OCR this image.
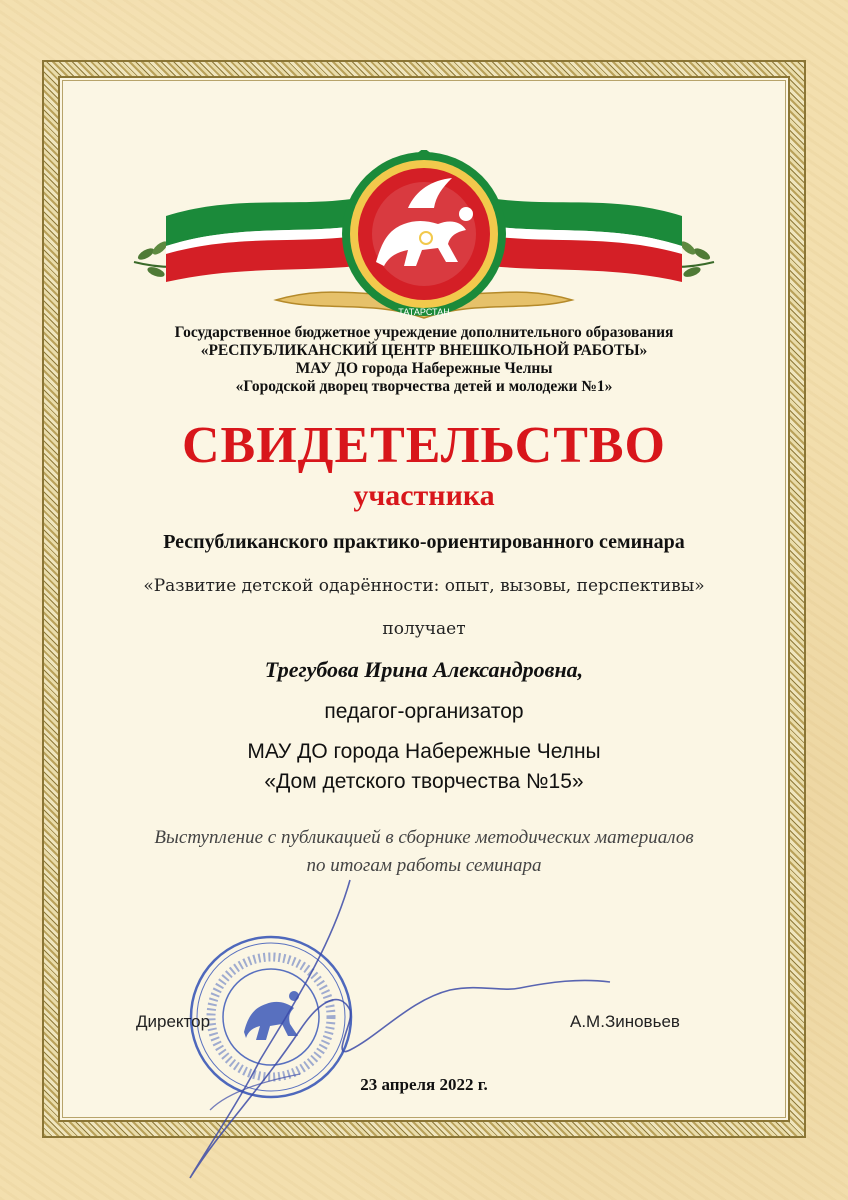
ТАТАРСТАН
Государственное бюджетное учреждение дополнительного образования
«РЕСПУБЛИКАНСКИЙ ЦЕНТР ВНЕШКОЛЬНОЙ РАБОТЫ»
МАУ ДО города Набережные Челны
«Городской дворец творчества детей и молодежи №1»
СВИДЕТЕЛЬСТВО
участника
Республиканского практико-ориентированного семинара
«Развитие детской одарённости: опыт, вызовы, перспективы»
получает
Трегубова Ирина Александровна,
педагог-организатор
МАУ ДО города Набережные Челны
«Дом детского творчества №15»
Выступление с публикацией в сборнике методических материалов
по итогам работы семинара
Директор	А.М.Зиновьев
23 апреля 2022 г.
